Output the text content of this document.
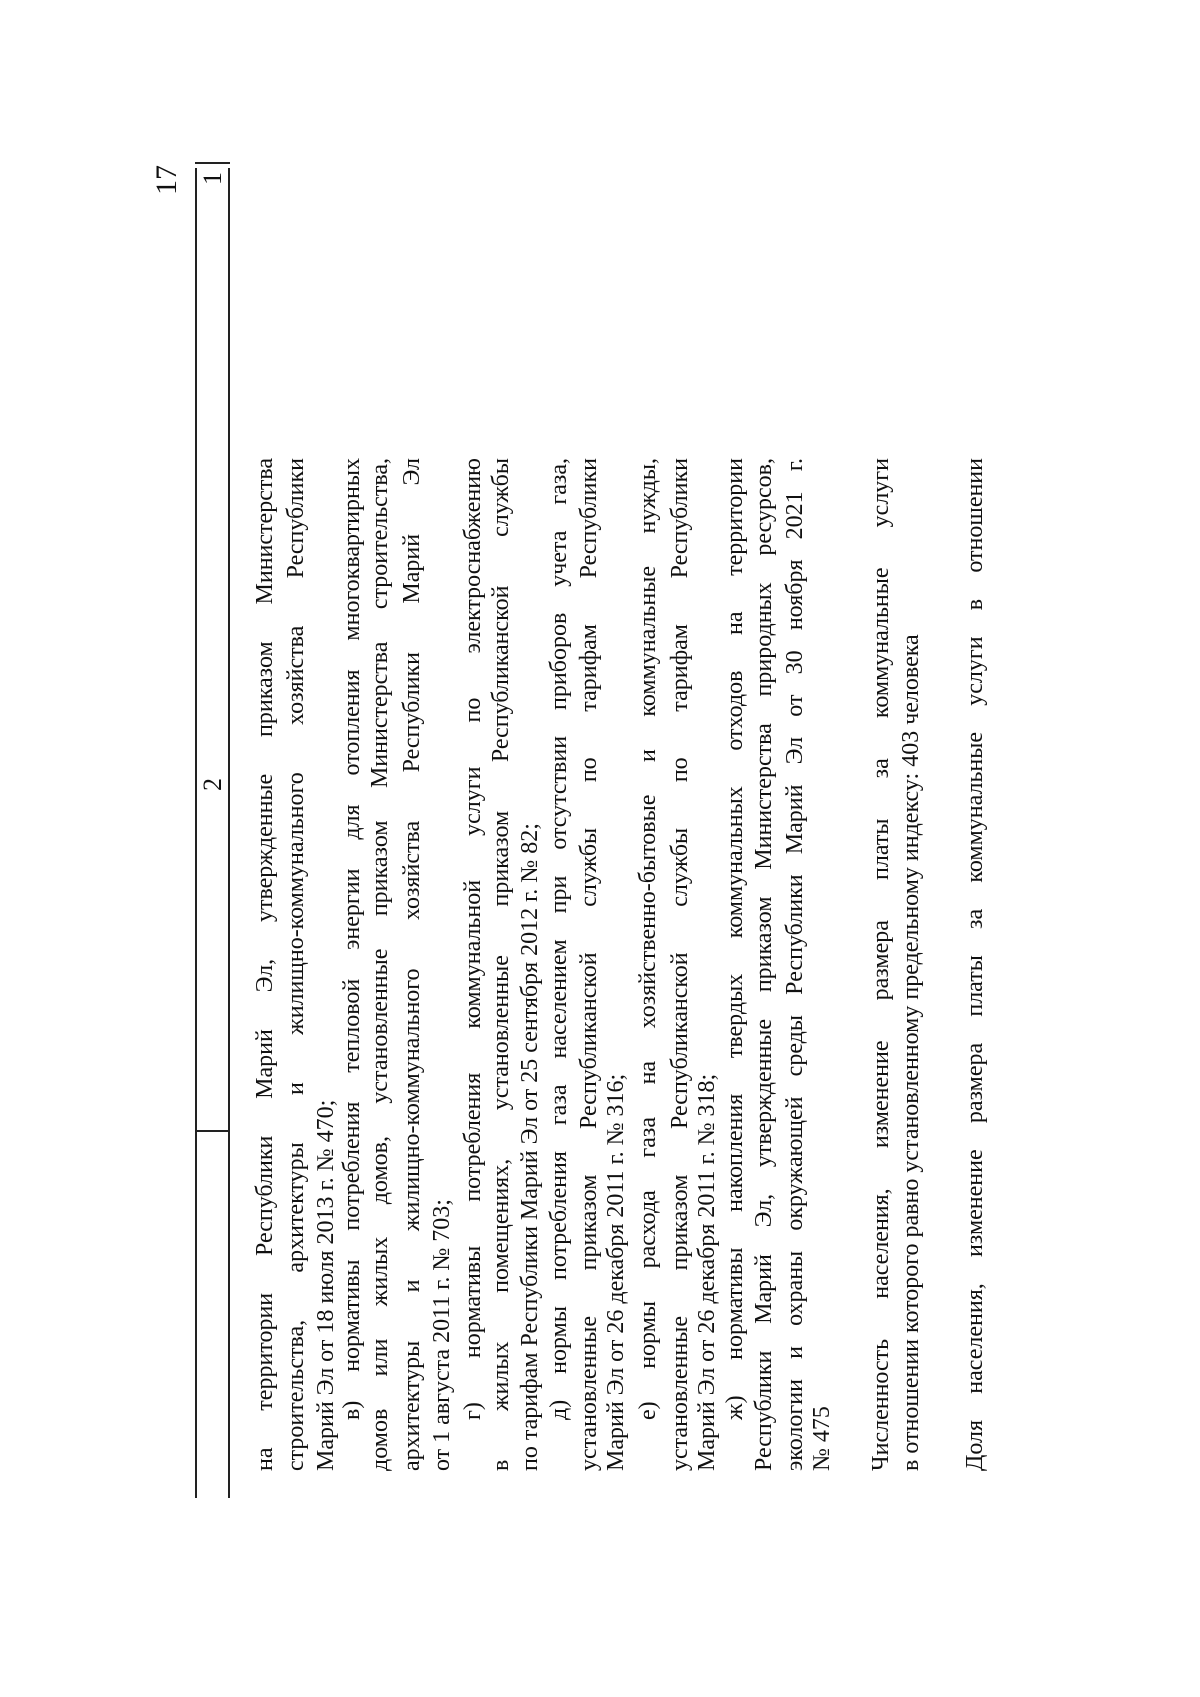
17 1
2 на территории Республики Марий Эл, утвержденные приказом Министерства строительства, архитектуры и жилищно-коммунального хозяйства Республики Марий Эл от 18 июля 2013 г. № 470; в) нормативы потребления тепловой энергии для отопления многоквартирных домов или жилых домов, установленные приказом Министерства строительства, архитектуры и жилищно-коммунального хозяйства Республики Марий Эл от 1 августа 2011 г. № 703; г) нормативы потребления коммунальной услуги по электроснабжению в жилых помещениях, установленные приказом Республиканской службы по тарифам Республики Марий Эл от 25 сентября 2012 г. № 82; д) нормы потребления газа населением при отсутствии приборов учета газа, установленные приказом Республиканской службы по тарифам Республики Марий Эл от 26 декабря 2011 г. № 316; е) нормы расхода газа на хозяйственно-бытовые и коммунальные нужды, установленные приказом Республиканской службы по тарифам Республики Марий Эл от 26 декабря 2011 г. № 318; ж) нормативы накопления твердых коммунальных отходов на территории Республики Марий Эл, утвержденные приказом Министерства природных ресурсов, экологии и охраны окружающей среды Республики Марий Эл от 30 ноября 2021 г. № 475 Численность населения, изменение размера платы за коммунальные услуги в отношении которого равно установленному предельному индексу: 403 человека Доля населения, изменение размера платы за коммунальные услуги в отношении
